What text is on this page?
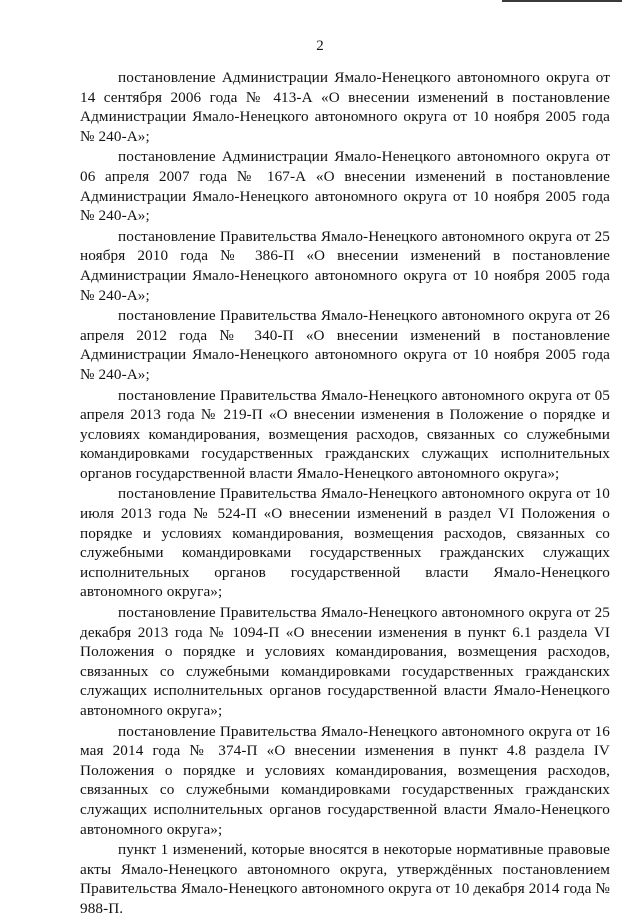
2

постановление Администрации Ямало-Ненецкого автономного округа от 14 сентября 2006 года № 413-А «О внесении изменений в постановление Администрации Ямало-Ненецкого автономного округа от 10 ноября 2005 года № 240-А»;

постановление Администрации Ямало-Ненецкого автономного округа от 06 апреля 2007 года № 167-А «О внесении изменений в постановление Администрации Ямало-Ненецкого автономного округа от 10 ноября 2005 года № 240-А»;

постановление Правительства Ямало-Ненецкого автономного округа от 25 ноября 2010 года № 386-П «О внесении изменений в постановление Администрации Ямало-Ненецкого автономного округа от 10 ноября 2005 года № 240-А»;

постановление Правительства Ямало-Ненецкого автономного округа от 26 апреля 2012 года № 340-П «О внесении изменений в постановление Администрации Ямало-Ненецкого автономного округа от 10 ноября 2005 года № 240-А»;

постановление Правительства Ямало-Ненецкого автономного округа от 05 апреля 2013 года № 219-П «О внесении изменения в Положение о порядке и условиях командирования, возмещения расходов, связанных со служебными командировками государственных гражданских служащих исполнительных органов государственной власти Ямало-Ненецкого автономного округа»;

постановление Правительства Ямало-Ненецкого автономного округа от 10 июля 2013 года № 524-П «О внесении изменений в раздел VI Положения о порядке и условиях командирования, возмещения расходов, связанных со служебными командировками государственных гражданских служащих исполнительных органов государственной власти Ямало-Ненецкого автономного округа»;

постановление Правительства Ямало-Ненецкого автономного округа от 25 декабря 2013 года № 1094-П «О внесении изменения в пункт 6.1 раздела VI Положения о порядке и условиях командирования, возмещения расходов, связанных со служебными командировками государственных гражданских служащих исполнительных органов государственной власти Ямало-Ненецкого автономного округа»;

постановление Правительства Ямало-Ненецкого автономного округа от 16 мая 2014 года № 374-П «О внесении изменения в пункт 4.8 раздела IV Положения о порядке и условиях командирования, возмещения расходов, связанных со служебными командировками государственных гражданских служащих исполнительных органов государственной власти Ямало-Ненецкого автономного округа»;

пункт 1 изменений, которые вносятся в некоторые нормативные правовые акты Ямало-Ненецкого автономного округа, утверждённых постановлением Правительства Ямало-Ненецкого автономного округа от 10 декабря 2014 года № 988-П.
